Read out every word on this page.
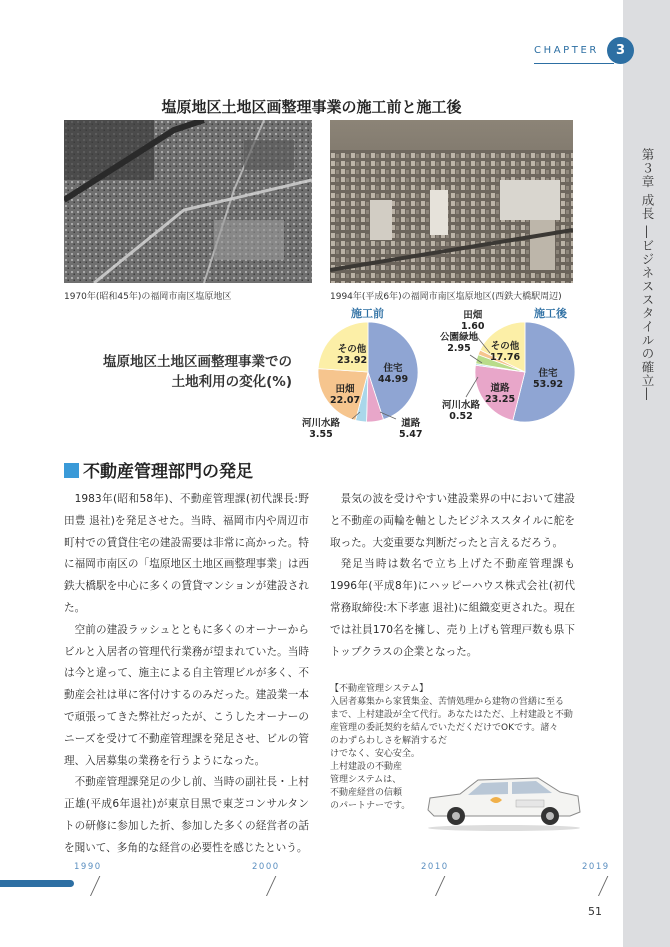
CHAPTER	3
第３章 成長 ―ビジネススタイルの確立―
塩原地区土地区画整理事業の施工前と施工後
1970年(昭和45年)の福岡市南区塩原地区	1994年(平成6年)の福岡市南区塩原地区(西鉄大橋駅周辺)
塩原地区土地区画整理事業での
土地利用の変化(%)
施工前	施工後
住宅
44.99
その他
23.92
田畑
22.07
河川水路
3.55
道路
5.47
住宅
53.92
その他
17.76
道路
23.25
河川水路
0.52
公園緑地
2.95
田畑
1.60
不動産管理部門の発足

1983年(昭和58年)、不動産管理課(初代課長:野田豊 退社)を発足させた。当時、福岡市内や周辺市町村での賃貸住宅の建設需要は非常に高かった。特に福岡市南区の「塩原地区土地区画整理事業」は西鉄大橋駅を中心に多くの賃貸マンションが建設された。

空前の建設ラッシュとともに多くのオーナーからビルと入居者の管理代行業務が望まれていた。当時は今と違って、施主による自主管理ビルが多く、不動産会社は単に客付けするのみだった。建設業一本で頑張ってきた弊社だったが、こうしたオーナーのニーズを受けて不動産管理課を発足させ、ビルの管理、入居募集の業務を行うようになった。

不動産管理課発足の少し前、当時の副社長・上村正雄(平成6年退社)が東京目黒で東芝コンサルタントの研修に参加した折、参加した多くの経営者の話を聞いて、多角的な経営の必要性を感じたという。

景気の波を受けやすい建設業界の中において建設と不動産の両輪を軸としたビジネススタイルに舵を取った。大変重要な判断だったと言えるだろう。

発足当時は数名で立ち上げた不動産管理課も1996年(平成8年)にハッピーハウス株式会社(初代常務取締役:木下孝憲 退社)に組織変更された。現在では社員170名を擁し、売り上げも管理戸数も県下トップクラスの企業となった。

【不動産管理システム】
入居者募集から家賃集金、苦情処理から建物の営繕に至る
まで、上村建設が全て代行。あなたはただ、上村建設と不動
産管理の委託契約を結んでいただくだけでOKです。諸々
のわずらわしさを解消するだ
けでなく、安心安全。
上村建設の不動産
管理システムは、
不動産経営の信頼
のパートナーです。
1990	2000	2010	2019
51
